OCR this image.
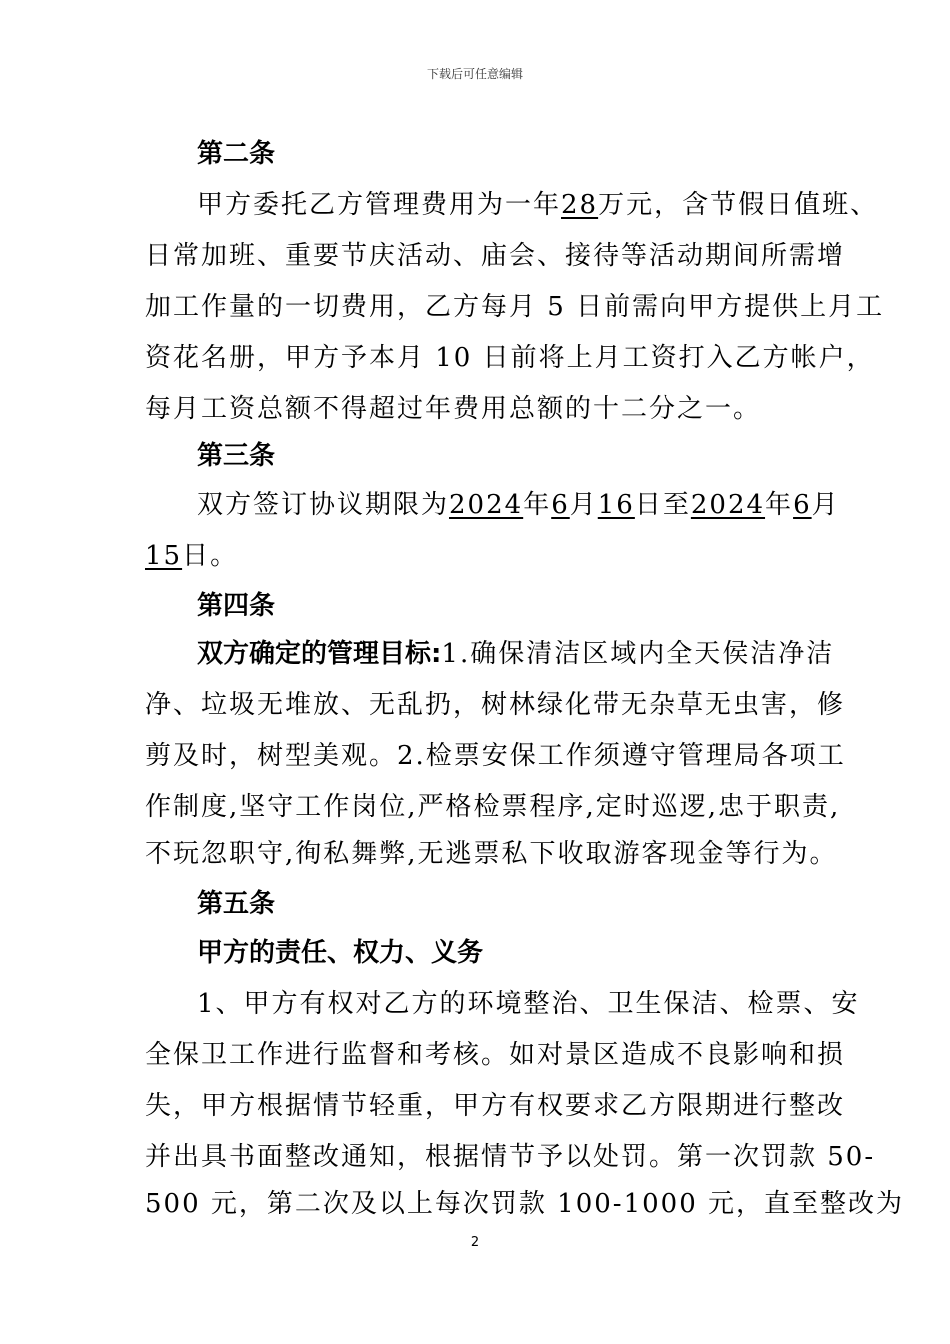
下载后可任意编辑
第二条
甲方委托乙方管理费用为一年28万元，含节假日值班、
日常加班、重要节庆活动、庙会、接待等活动期间所需增
加工作量的一切费用，乙方每月 5 日前需向甲方提供上月工
资花名册，甲方予本月 10 日前将上月工资打入乙方帐户，
每月工资总额不得超过年费用总额的十二分之一。
第三条
双方签订协议期限为2024年6月16日至2024年6月
15日。
第四条
双方确定的管理目标:1.确保清洁区域内全天侯洁净洁
净、垃圾无堆放、无乱扔，树林绿化带无杂草无虫害，修
剪及时，树型美观。2.检票安保工作须遵守管理局各项工
作制度,坚守工作岗位,严格检票程序,定时巡逻,忠于职责,
不玩忽职守,徇私舞弊,无逃票私下收取游客现金等行为。
第五条
甲方的责任、权力、义务
1、甲方有权对乙方的环境整治、卫生保洁、检票、安
全保卫工作进行监督和考核。如对景区造成不良影响和损
失，甲方根据情节轻重，甲方有权要求乙方限期进行整改
并出具书面整改通知，根据情节予以处罚。第一次罚款 50-
500 元，第二次及以上每次罚款 100-1000 元，直至整改为
2
